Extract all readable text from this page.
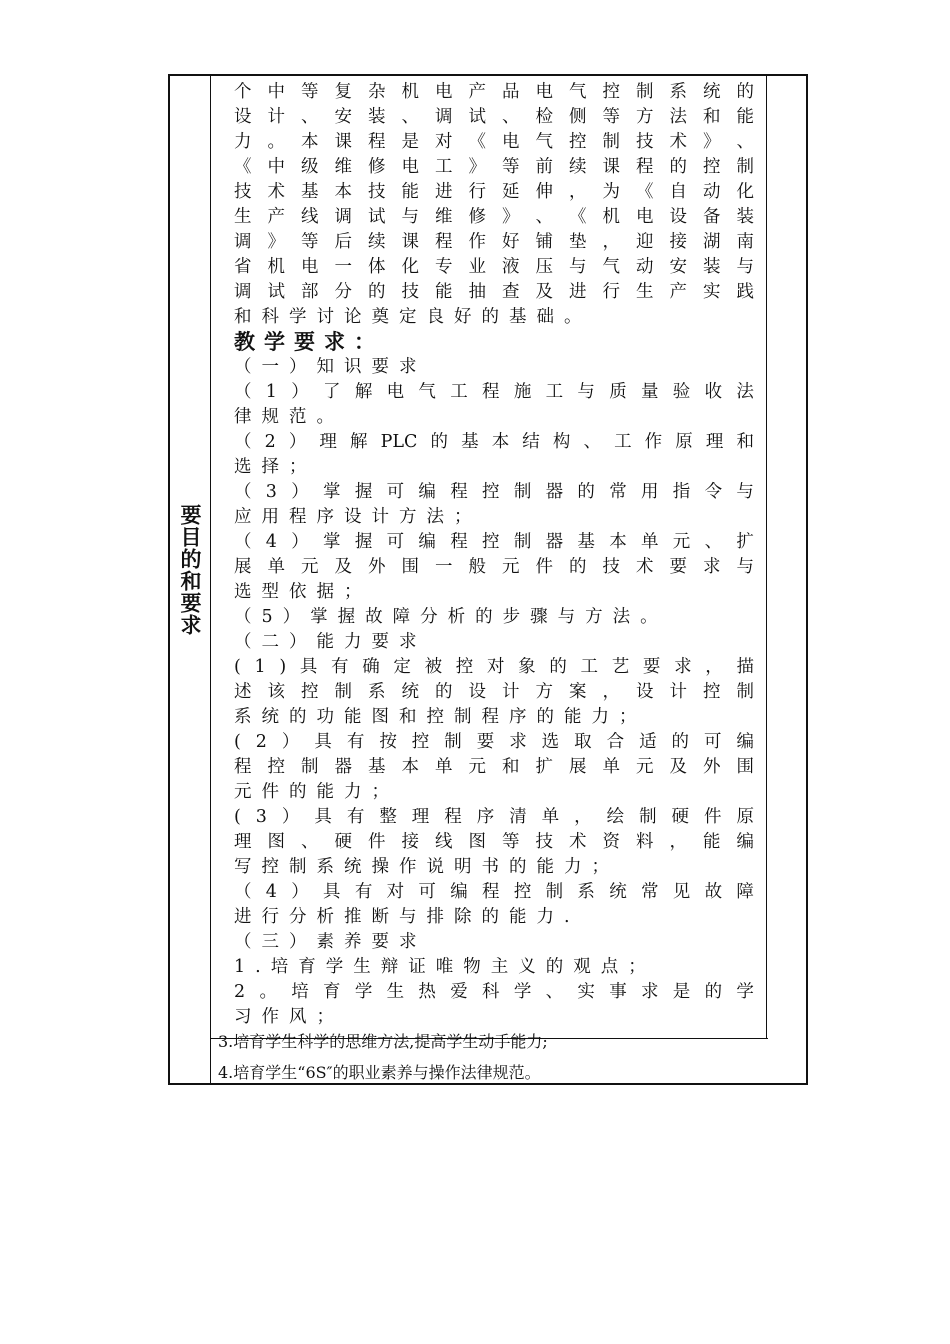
要目的和要求
个 中 等 复 杂 机 电 产 品 电 气 控 制 系 统 的
设 计 、 安 装 、 调 试 、 检 侧 等 方 法 和 能
力 。 本 课 程 是 对 《 电 气 控 制 技 术 》 、
《 中 级 维 修 电 工 》 等 前 续 课 程 的 控 制
技 术 基 本 技 能 进 行 延 伸 ， 为 《 自 动 化
生 产 线 调 试 与 维 修 》 、 《 机 电 设 备 装
调 》 等 后 续 课 程 作 好 铺 垫 ， 迎 接 湖 南
省 机 电 一 体 化 专 业 液 压 与 气 动 安 装 与
调 试 部 分 的 技 能 抽 查 及 进 行 生 产 实 践
和 科 学 讨 论 奠 定 良 好 的 基 础 。
教学要求：
（ 一 ） 知 识 要 求
（ 1 ） 了 解 电 气 工 程 施 工 与 质 量 验 收 法
律 规 范 。
（ 2 ） 理 解 PLC 的 基 本 结 构 、 工 作 原 理 和
选 择 ；
（ 3 ） 掌 握 可 编 程 控 制 器 的 常 用 指 令 与
应 用 程 序 设 计 方 法 ；
（ 4 ） 掌 握 可 编 程 控 制 器 基 本 单 元 、 扩
展 单 元 及 外 围 一 般 元 件 的 技 术 要 求 与
选 型 依 据 ；
（ 5 ） 掌 握 故 障 分 析 的 步 骤 与 方 法 。
（ 二 ） 能 力 要 求
( 1 ) 具 有 确 定 被 控 对 象 的 工 艺 要 求 ， 描
述 该 控 制 系 统 的 设 计 方 案 ， 设 计 控 制
系 统 的 功 能 图 和 控 制 程 序 的 能 力 ；
( 2 ） 具 有 按 控 制 要 求 选 取 合 适 的 可 编
程 控 制 器 基 本 单 元 和 扩 展 单 元 及 外 围
元 件 的 能 力 ；
( 3 ） 具 有 整 理 程 序 清 单 ， 绘 制 硬 件 原
理 图 、 硬 件 接 线 图 等 技 术 资 料 ， 能 编
写 控 制 系 统 操 作 说 明 书 的 能 力 ；
（ 4 ） 具 有 对 可 编 程 控 制 系 统 常 见 故 障
进 行 分 析 推 断 与 排 除 的 能 力 .
（ 三 ） 素 养 要 求
1 . 培 育 学 生 辩 证 唯 物 主 义 的 观 点 ；
2 。 培 育 学 生 热 爱 科 学 、 实 事 求 是 的 学
习 作 风 ；
3.培育学生科学的思维方法,提高学生动手能力;
4.培育学生“6S″的职业素养与操作法律规范。
